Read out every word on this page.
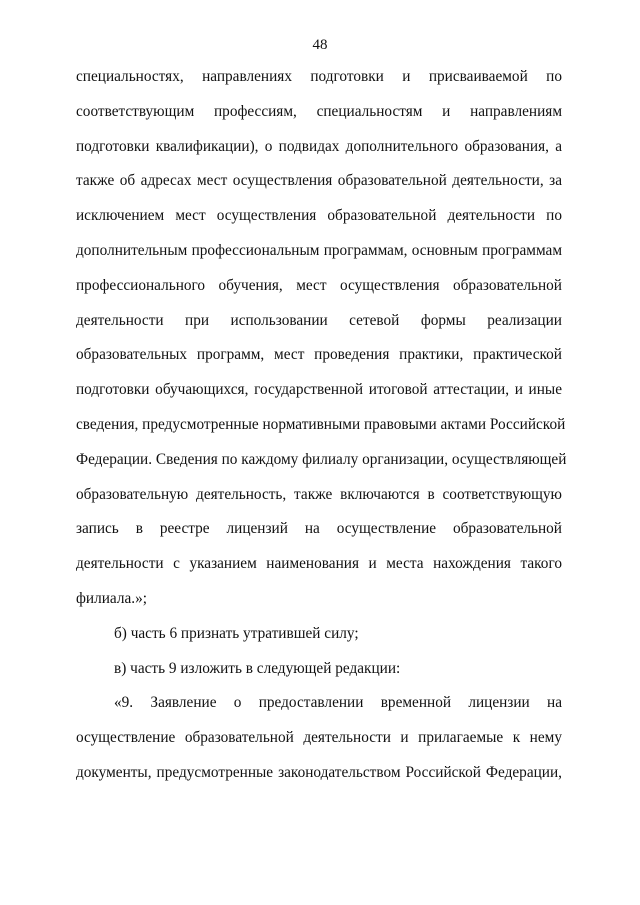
48
специальностях, направлениях подготовки и присваиваемой по
соответствующим профессиям, специальностям и направлениям
подготовки квалификации), о подвидах дополнительного образования, а
также об адресах мест осуществления образовательной деятельности, за
исключением мест осуществления образовательной деятельности по
дополнительным профессиональным программам, основным программам
профессионального обучения, мест осуществления образовательной
деятельности при использовании сетевой формы реализации
образовательных программ, мест проведения практики, практической
подготовки обучающихся, государственной итоговой аттестации, и иные
сведения, предусмотренные нормативными правовыми актами Российской
Федерации. Сведения по каждому филиалу организации, осуществляющей
образовательную деятельность, также включаются в соответствующую
запись в реестре лицензий на осуществление образовательной
деятельности с указанием наименования и места нахождения такого
филиала.»;
б) часть 6 признать утратившей силу;
в) часть 9 изложить в следующей редакции:
«9. Заявление о предоставлении временной лицензии на
осуществление образовательной деятельности и прилагаемые к нему
документы, предусмотренные законодательством Российской Федерации,
